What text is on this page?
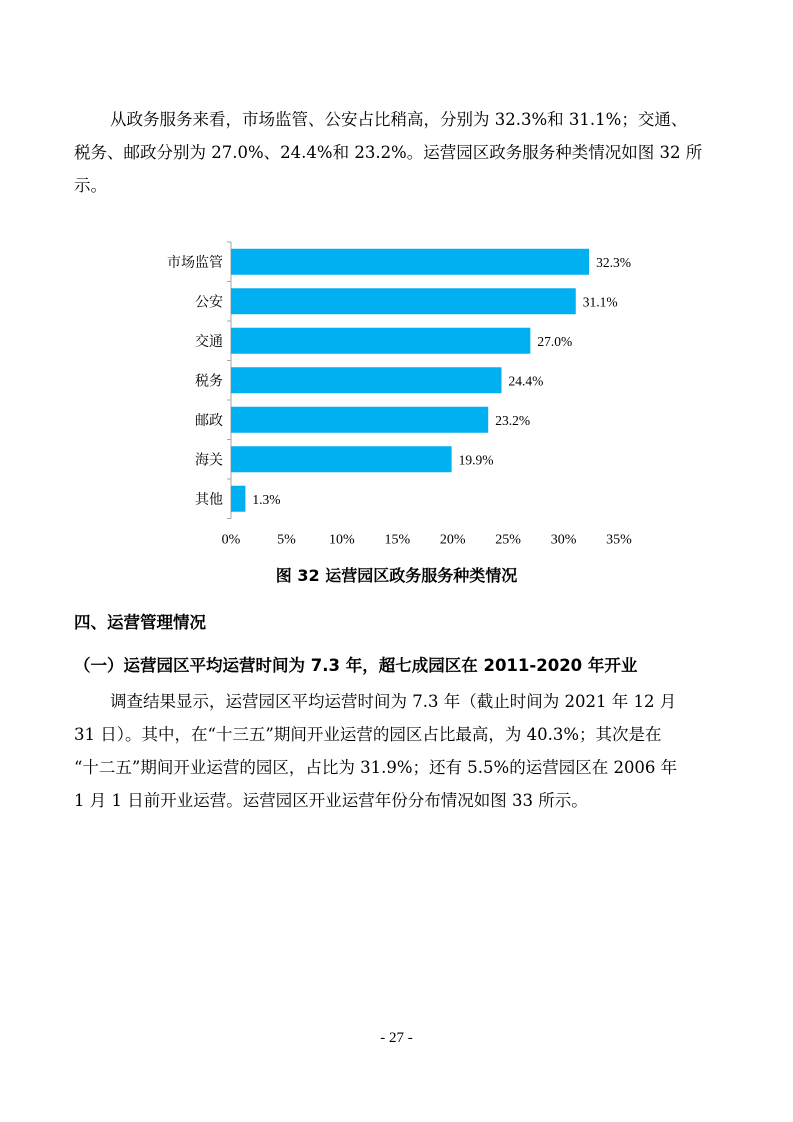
从政务服务来看，市场监管、公安占比稍高，分别为 32.3%和 31.1%；交通、
税务、邮政分别为 27.0%、24.4%和 23.2%。运营园区政务服务种类情况如图 32 所
示。
市场监管	32.3%
公安	31.1%
交通	27.0%
税务	24.4%
邮政	23.2%
海关	19.9%
其他 1.3%
0%	5% 10% 15% 20% 25% 30% 35%
图 32 运营园区政务服务种类情况
四、运营管理情况
（一）运营园区平均运营时间为 7.3 年，超七成园区在 2011-2020 年开业
调查结果显示，运营园区平均运营时间为 7.3 年（截止时间为 2021 年 12 月
31 日）。其中，在“十三五”期间开业运营的园区占比最高，为 40.3%；其次是在
“十二五”期间开业运营的园区，占比为 31.9%；还有 5.5%的运营园区在 2006 年
1 月 1 日前开业运营。运营园区开业运营年份分布情况如图 33 所示。
- 27 -
